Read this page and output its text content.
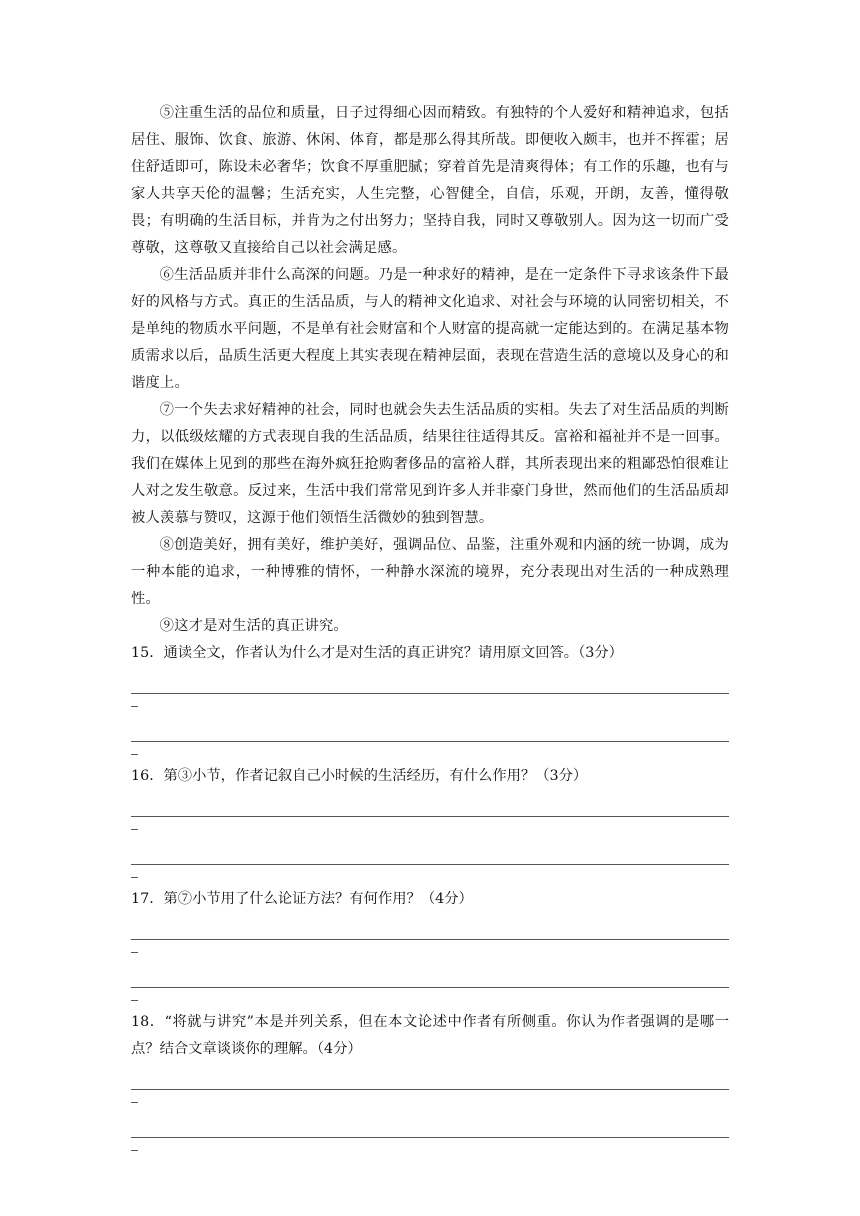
⑤注重生活的品位和质量，日子过得细心因而精致。有独特的个人爱好和精神追求，包括居住、服饰、饮食、旅游、休闲、体育，都是那么得其所哉。即便收入颇丰，也并不挥霍；居住舒适即可，陈设未必奢华；饮食不厚重肥腻；穿着首先是清爽得体；有工作的乐趣，也有与家人共享天伦的温馨；生活充实，人生完整，心智健全，自信，乐观，开朗，友善，懂得敬畏；有明确的生活目标，并肯为之付出努力；坚持自我，同时又尊敬别人。因为这一切而广受尊敬，这尊敬又直接给自己以社会满足感。

⑥生活品质并非什么高深的问题。乃是一种求好的精神，是在一定条件下寻求该条件下最好的风格与方式。真正的生活品质，与人的精神文化追求、对社会与环境的认同密切相关，不是单纯的物质水平问题，不是单有社会财富和个人财富的提高就一定能达到的。在满足基本物质需求以后，品质生活更大程度上其实表现在精神层面，表现在营造生活的意境以及身心的和谐度上。

⑦一个失去求好精神的社会，同时也就会失去生活品质的实相。失去了对生活品质的判断力，以低级炫耀的方式表现自我的生活品质，结果往往适得其反。富裕和福祉并不是一回事。我们在媒体上见到的那些在海外疯狂抢购奢侈品的富裕人群，其所表现出来的粗鄙恐怕很难让人对之发生敬意。反过来，生活中我们常常见到许多人并非豪门身世，然而他们的生活品质却被人羡慕与赞叹，这源于他们领悟生活微妙的独到智慧。

⑧创造美好，拥有美好，维护美好，强调品位、品鉴，注重外观和内涵的统一协调，成为一种本能的追求，一种博雅的情怀，一种静水深流的境界，充分表现出对生活的一种成熟理性。

⑨这才是对生活的真正讲究。

15．通读全文，作者认为什么才是对生活的真正讲究？请用原文回答。（3分）

16．第③小节，作者记叙自己小时候的生活经历，有什么作用？（3分）

17．第⑦小节用了什么论证方法？有何作用？（4分）

18．“将就与讲究”本是并列关系，但在本文论述中作者有所侧重。你认为作者强调的是哪一点？结合文章谈谈你的理解。（4分）
